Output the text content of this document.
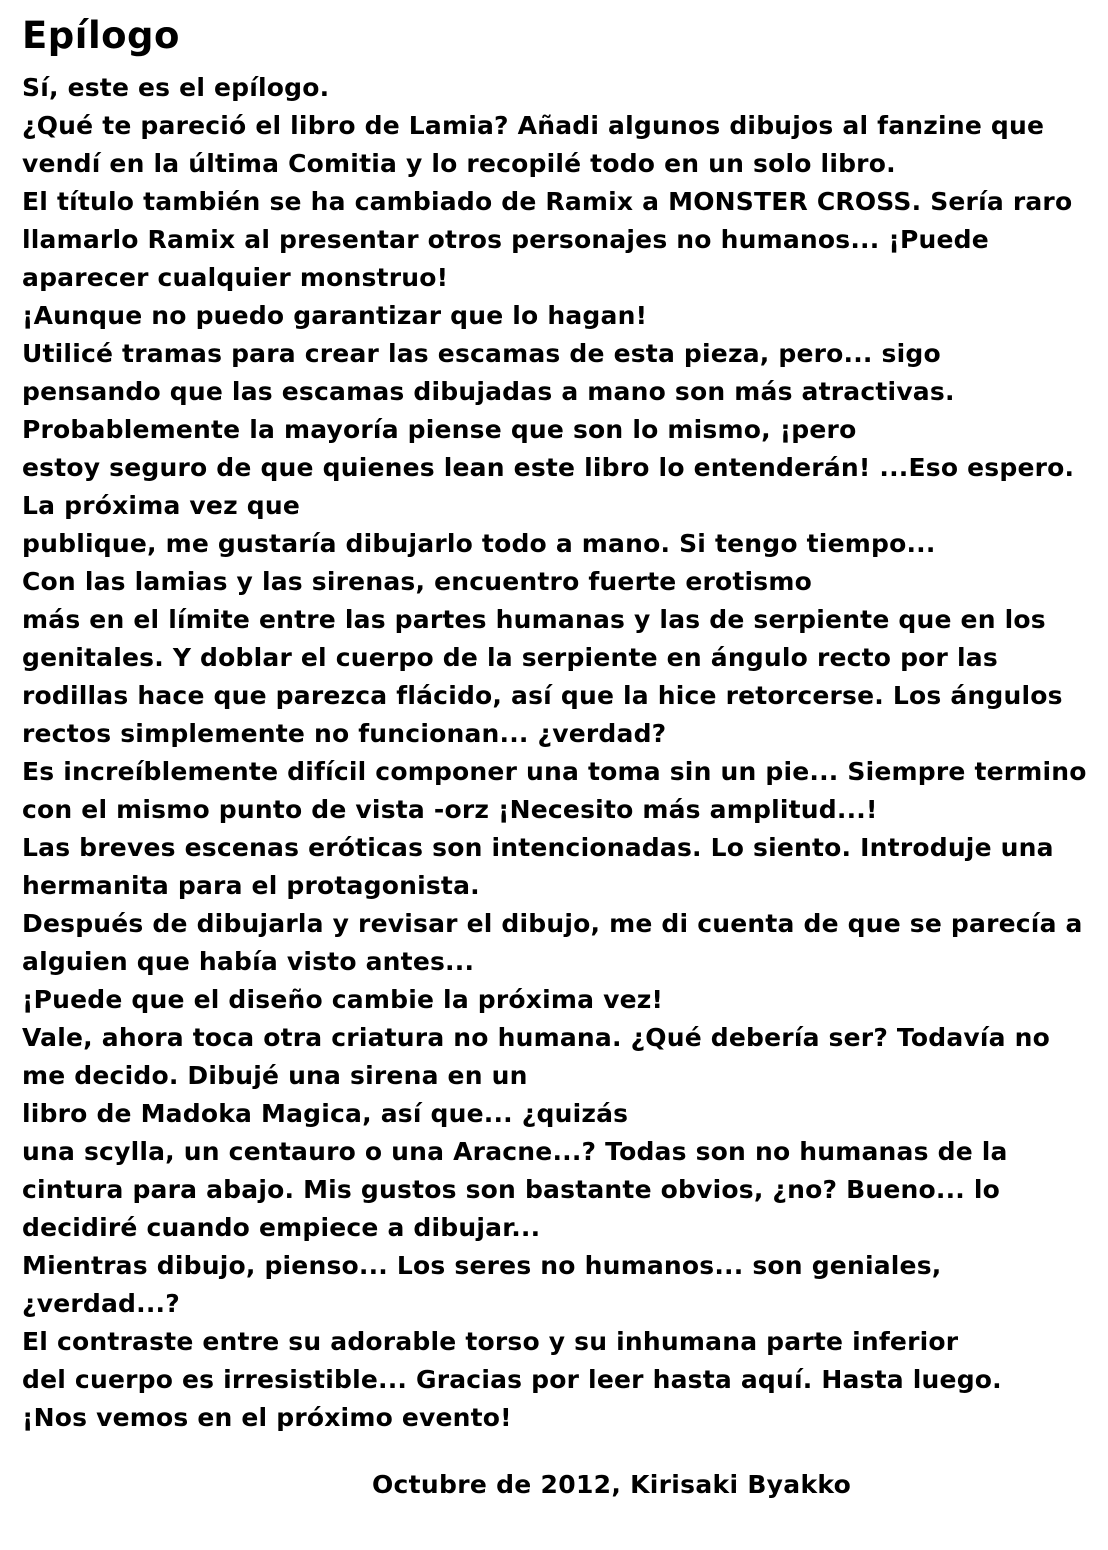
Epílogo
Sí, este es el epílogo.
¿Qué te pareció el libro de Lamia? Añadi algunos dibujos al fanzine que
vendí en la última Comitia y lo recopilé todo en un solo libro.
El título también se ha cambiado de Ramix a MONSTER CROSS. Sería raro
llamarlo Ramix al presentar otros personajes no humanos... ¡Puede
aparecer cualquier monstruo!
¡Aunque no puedo garantizar que lo hagan!
Utilicé tramas para crear las escamas de esta pieza, pero... sigo
pensando que las escamas dibujadas a mano son más atractivas.
Probablemente la mayoría piense que son lo mismo, ¡pero
estoy seguro de que quienes lean este libro lo entenderán! ...Eso espero.
La próxima vez que
publique, me gustaría dibujarlo todo a mano. Si tengo tiempo...
Con las lamias y las sirenas, encuentro fuerte erotismo
más en el límite entre las partes humanas y las de serpiente que en los
genitales. Y doblar el cuerpo de la serpiente en ángulo recto por las
rodillas hace que parezca flácido, así que la hice retorcerse. Los ángulos
rectos simplemente no funcionan... ¿verdad?
Es increíblemente difícil componer una toma sin un pie... Siempre termino
con el mismo punto de vista -orz ¡Necesito más amplitud...!
Las breves escenas eróticas son intencionadas. Lo siento. Introduje una
hermanita para el protagonista.
Después de dibujarla y revisar el dibujo, me di cuenta de que se parecía a
alguien que había visto antes...
¡Puede que el diseño cambie la próxima vez!
Vale, ahora toca otra criatura no humana. ¿Qué debería ser? Todavía no
me decido. Dibujé una sirena en un
libro de Madoka Magica, así que... ¿quizás
una scylla, un centauro o una Aracne...? Todas son no humanas de la
cintura para abajo. Mis gustos son bastante obvios, ¿no? Bueno... lo
decidiré cuando empiece a dibujar...
Mientras dibujo, pienso... Los seres no humanos... son geniales,
¿verdad...?
El contraste entre su adorable torso y su inhumana parte inferior
del cuerpo es irresistible... Gracias por leer hasta aquí. Hasta luego.
¡Nos vemos en el próximo evento!
Octubre de 2012, Kirisaki Byakko
